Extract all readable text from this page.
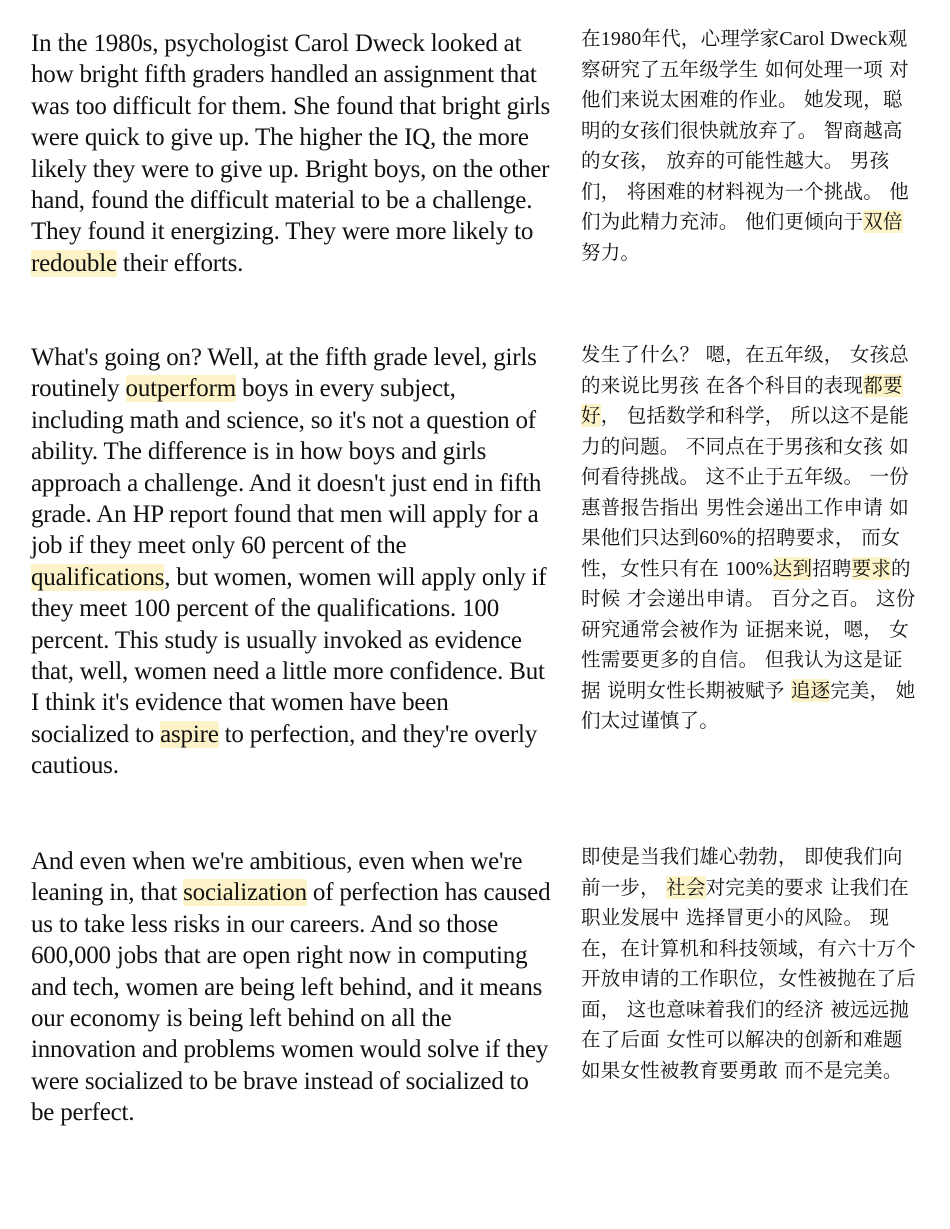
In the 1980s, psychologist Carol Dweck looked at how bright fifth graders handled an assignment that was too difficult for them. She found that bright girls were quick to give up. The higher the IQ, the more likely they were to give up. Bright boys, on the other hand, found the difficult material to be a challenge. They found it energizing. They were more likely to redouble their efforts.

What's going on? Well, at the fifth grade level, girls routinely outperform boys in every subject, including math and science, so it's not a question of ability. The difference is in how boys and girls approach a challenge. And it doesn't just end in fifth grade. An HP report found that men will apply for a job if they meet only 60 percent of the qualifications, but women, women will apply only if they meet 100 percent of the qualifications. 100 percent. This study is usually invoked as evidence that, well, women need a little more confidence. But I think it's evidence that women have been socialized to aspire to perfection, and they're overly cautious.

And even when we're ambitious, even when we're leaning in, that socialization of perfection has caused us to take less risks in our careers. And so those 600,000 jobs that are open right now in computing and tech, women are being left behind, and it means our economy is being left behind on all the innovation and problems women would solve if they were socialized to be brave instead of socialized to be perfect.

在1980年代，心理学家Carol Dweck观察研究了五年级学生 如何处理一项 对他们来说太困难的作业。 她发现，聪明的女孩们很快就放弃了。 智商越高的女孩， 放弃的可能性越大。 男孩们， 将困难的材料视为一个挑战。 他们为此精力充沛。 他们更倾向于双倍努力。

发生了什么？ 嗯，在五年级， 女孩总的来说比男孩 在各个科目的表现都要好， 包括数学和科学， 所以这不是能力的问题。 不同点在于男孩和女孩 如何看待挑战。 这不止于五年级。 一份惠普报告指出 男性会递出工作申请 如果他们只达到60%的招聘要求， 而女性，女性只有在 100%达到招聘要求的时候 才会递出申请。 百分之百。 这份研究通常会被作为 证据来说，嗯， 女性需要更多的自信。 但我认为这是证据 说明女性长期被赋予 追逐完美， 她们太过谨慎了。

即使是当我们雄心勃勃， 即使我们向前一步， 社会对完美的要求 让我们在职业发展中 选择冒更小的风险。 现在，在计算机和科技领域，有六十万个开放申请的工作职位，女性被抛在了后面， 这也意味着我们的经济 被远远抛在了后面 女性可以解决的创新和难题 如果女性被教育要勇敢 而不是完美。
